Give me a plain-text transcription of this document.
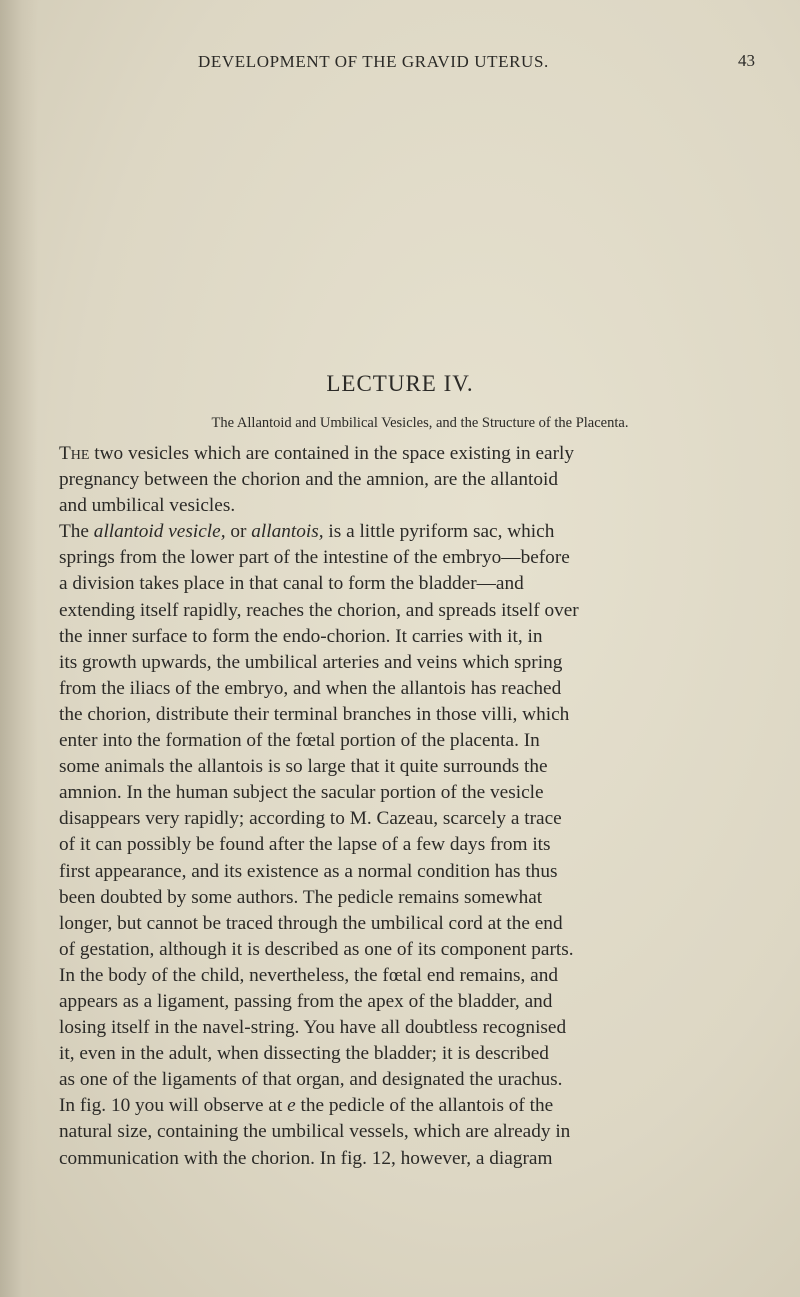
DEVELOPMENT OF THE GRAVID UTERUS.	43
LECTURE IV.
The Allantoid and Umbilical Vesicles, and the Structure of the Placenta.
The two vesicles which are contained in the space existing in early
pregnancy between the chorion and the amnion, are the allantoid
and umbilical vesicles.
The allantoid vesicle, or allantois, is a little pyriform sac, which
springs from the lower part of the intestine of the embryo—before
a division takes place in that canal to form the bladder—and
extending itself rapidly, reaches the chorion, and spreads itself over
the inner surface to form the endo-chorion. It carries with it, in
its growth upwards, the umbilical arteries and veins which spring
from the iliacs of the embryo, and when the allantois has reached
the chorion, distribute their terminal branches in those villi, which
enter into the formation of the fœtal portion of the placenta. In
some animals the allantois is so large that it quite surrounds the
amnion. In the human subject the sacular portion of the vesicle
disappears very rapidly; according to M. Cazeau, scarcely a trace
of it can possibly be found after the lapse of a few days from its
first appearance, and its existence as a normal condition has thus
been doubted by some authors. The pedicle remains somewhat
longer, but cannot be traced through the umbilical cord at the end
of gestation, although it is described as one of its component parts.
In the body of the child, nevertheless, the fœtal end remains, and
appears as a ligament, passing from the apex of the bladder, and
losing itself in the navel-string. You have all doubtless recognised
it, even in the adult, when dissecting the bladder; it is described
as one of the ligaments of that organ, and designated the urachus.
In fig. 10 you will observe at e the pedicle of the allantois of the
natural size, containing the umbilical vessels, which are already in
communication with the chorion. In fig. 12, however, a diagram
